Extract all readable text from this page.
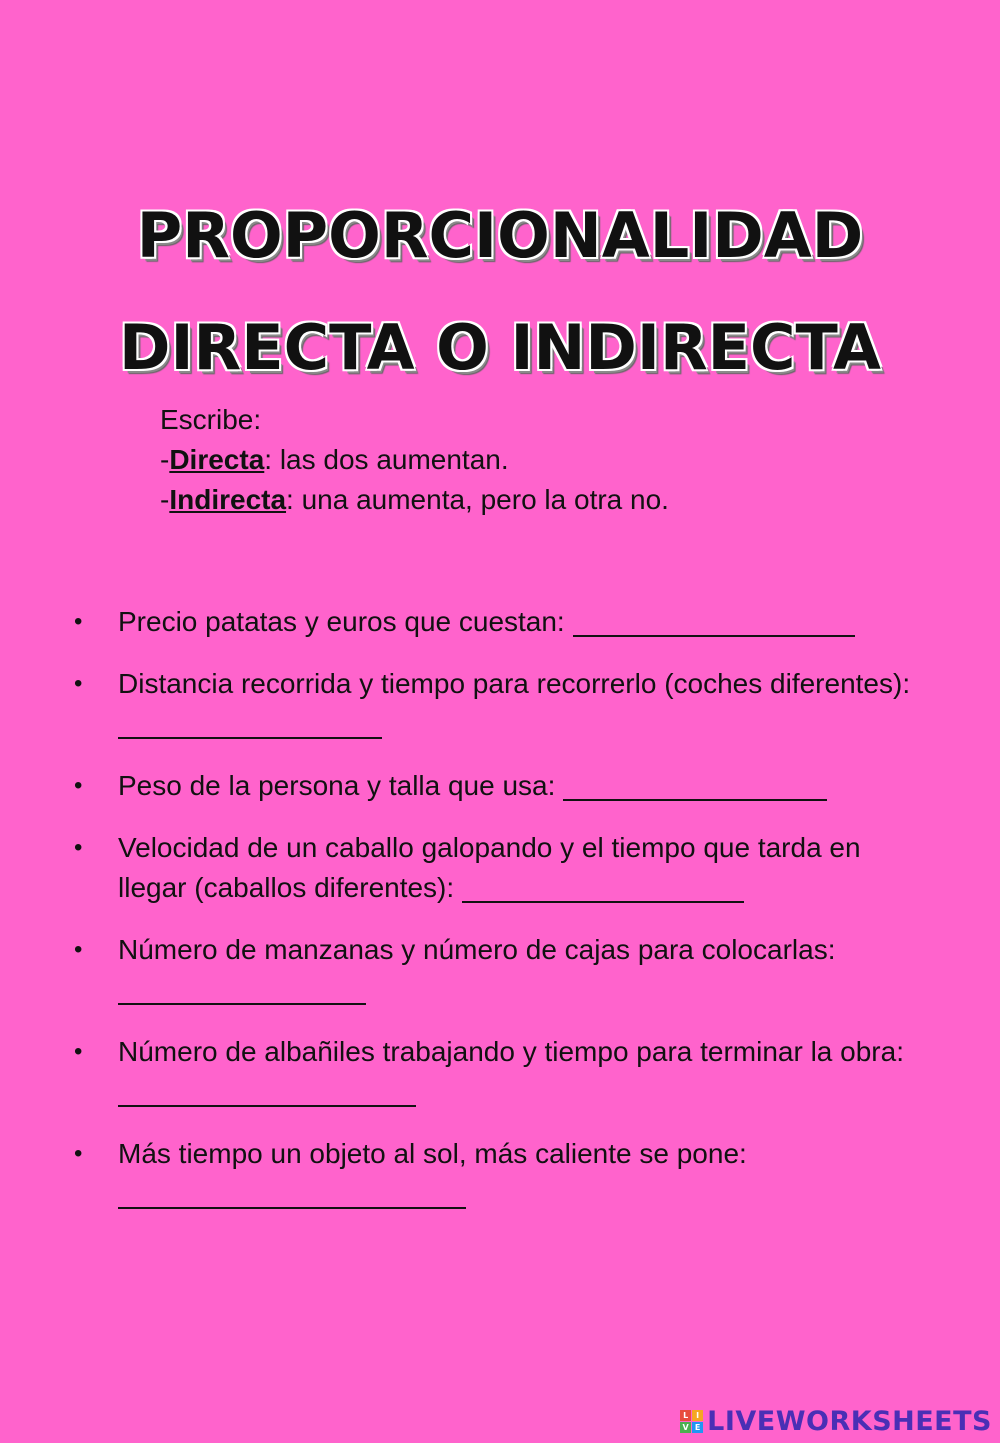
PROPORCIONALIDAD
DIRECTA O INDIRECTA
Escribe:
-Directa: las dos aumentan.
-Indirecta: una aumenta, pero la otra no.
• Precio patatas y euros que cuestan:
• Distancia recorrida y tiempo para recorrerlo (coches diferentes):
• Peso de la persona y talla que usa:
• Velocidad de un caballo galopando y el tiempo que tarda en llegar (caballos diferentes):
• Número de manzanas y número de cajas para colocarlas:
• Número de albañiles trabajando y tiempo para terminar la obra:
• Más tiempo un objeto al sol, más caliente se pone:
L I
V E LIVEWORKSHEETS
